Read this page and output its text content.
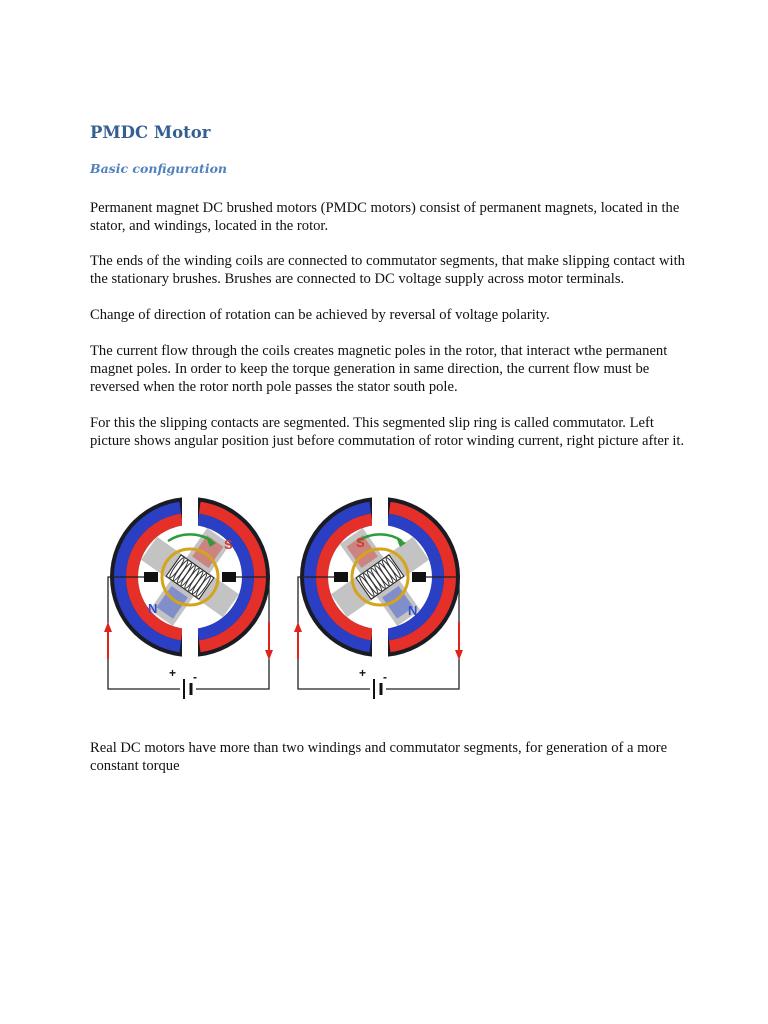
PMDC Motor
Basic configuration

Permanent magnet DC brushed motors (PMDC motors) consist of permanent magnets, located in the stator, and windings, located in the rotor.

The ends of the winding coils are connected to commutator segments, that make slipping contact with the stationary brushes. Brushes are connected to DC voltage supply across motor terminals.

Change of direction of rotation can be achieved by reversal of voltage polarity.

The current flow through the coils creates magnetic poles in the rotor, that interact wthe permanent magnet poles. In order to keep the torque generation in same direction, the current flow must be reversed when the rotor north pole passes the stator south pole.

For this the slipping contacts are segmented. This segmented slip ring is called commutator. Left picture shows angular position just before commutation of rotor winding current, right picture after it.

S
N
+ -
S
N
+ -

Real DC motors have more than two windings and commutator segments, for generation of a more constant torque
